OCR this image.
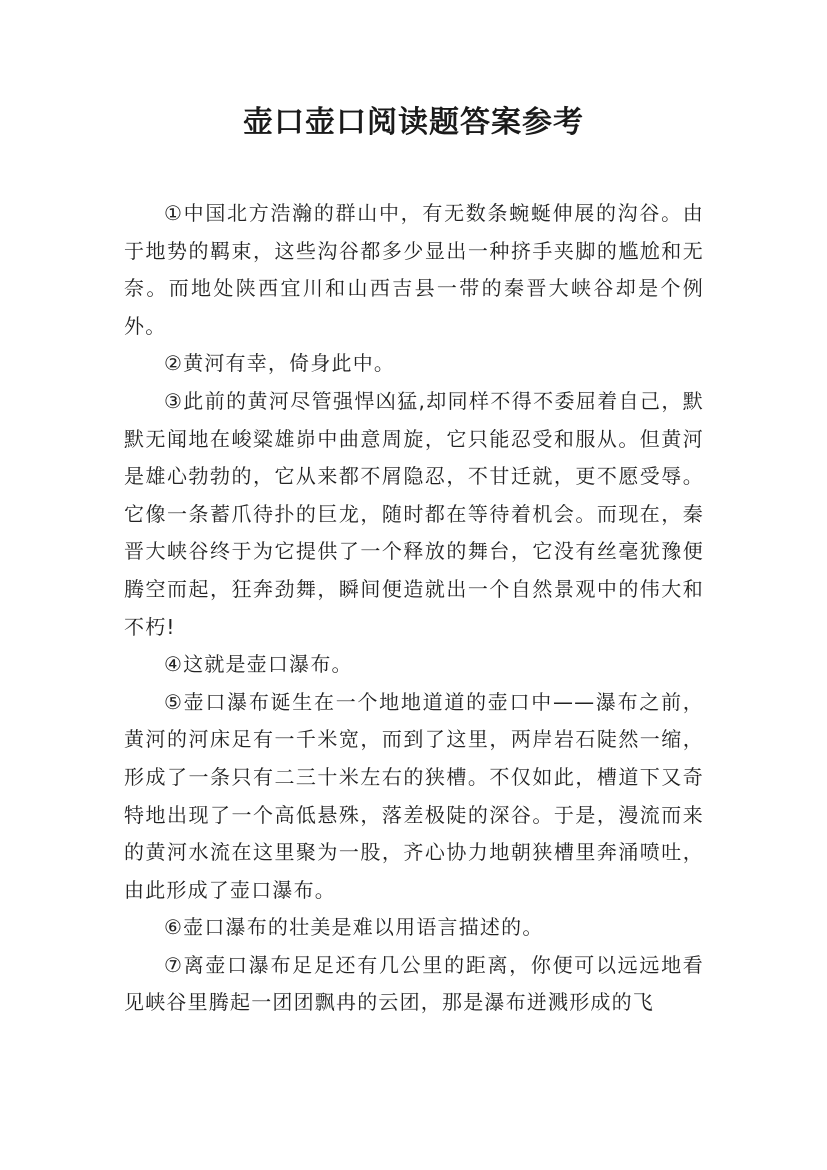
壶口壶口阅读题答案参考

①中国北方浩瀚的群山中，有无数条蜿蜒伸展的沟谷。由于地势的羁束，这些沟谷都多少显出一种挤手夹脚的尴尬和无奈。而地处陕西宜川和山西吉县一带的秦晋大峡谷却是个例外。

②黄河有幸，倚身此中。

③此前的黄河尽管强悍凶猛,却同样不得不委屈着自己，默默无闻地在峻粱雄峁中曲意周旋，它只能忍受和服从。但黄河是雄心勃勃的，它从来都不屑隐忍，不甘迁就，更不愿受辱。它像一条蓄爪待扑的巨龙，随时都在等待着机会。而现在，秦晋大峡谷终于为它提供了一个释放的舞台，它没有丝毫犹豫便腾空而起，狂奔劲舞，瞬间便造就出一个自然景观中的伟大和不朽!

④这就是壶口瀑布。

⑤壶口瀑布诞生在一个地地道道的壶口中——瀑布之前，黄河的河床足有一千米宽，而到了这里，两岸岩石陡然一缩，形成了一条只有二三十米左右的狭槽。不仅如此，槽道下又奇特地出现了一个高低悬殊，落差极陡的深谷。于是，漫流而来的黄河水流在这里聚为一股，齐心协力地朝狭槽里奔涌喷吐，由此形成了壶口瀑布。

⑥壶口瀑布的壮美是难以用语言描述的。

⑦离壶口瀑布足足还有几公里的距离，你便可以远远地看见峡谷里腾起一团团飘冉的云团，那是瀑布迸溅形成的飞
